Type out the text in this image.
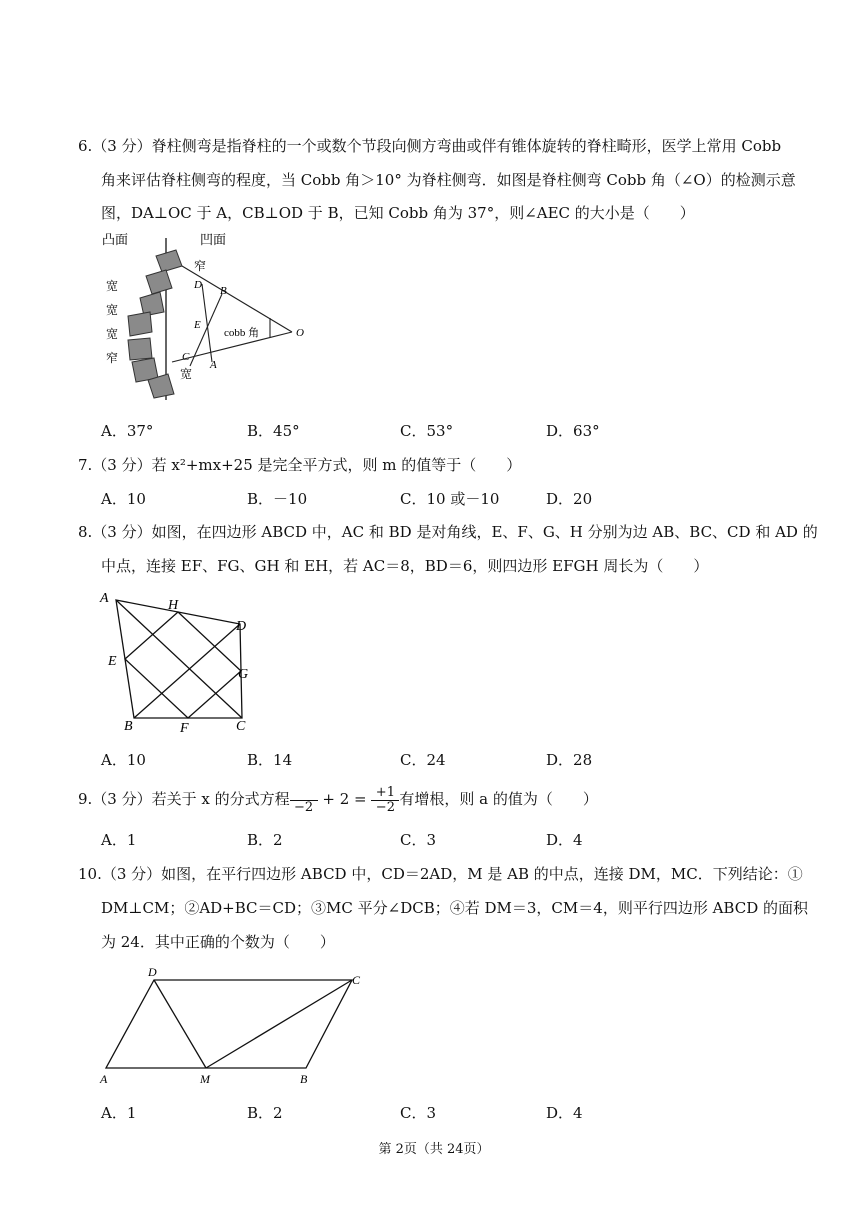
6.（3 分）脊柱侧弯是指脊柱的一个或数个节段向侧方弯曲或伴有锥体旋转的脊柱畸形，医学上常用 Cobb
角来评估脊柱侧弯的程度，当 Cobb 角＞10° 为脊柱侧弯．如图是脊柱侧弯 Cobb 角（∠O）的检测示意
图，DA⊥OC 于 A，CB⊥OD 于 B，已知 Cobb 角为 37°，则∠AEC 的大小是（　　）
凸面	凹面
宽
宽
宽
窄
窄
宽
D B
E
C
A
O
cobb 角
A．37°	B．45°	C．53°	D．63°
7.（3 分）若 x²+mx+25 是完全平方式，则 m 的值等于（　　）
A．10	B．－10	C．10 或－10	D．20
8.（3 分）如图，在四边形 ABCD 中，AC 和 BD 是对角线，E、F、G、H 分别为边 AB、BC、CD 和 AD 的
中点，连接 EF、FG、GH 和 EH，若 AC＝8，BD＝6，则四边形 EFGH 周长为（　　）
A	H
D
E
G
B	F	C
A．10	B．14	C．24	D．28
9.（3 分）若关于 x 的分式方程
$-2 + 2 = \frac{+1}{-2}$ 有增根，则 a 的值为（　　）
A．1	B．2	C．3	D．4
10.（3 分）如图，在平行四边形 ABCD 中，CD＝2AD，M 是 AB 的中点，连接 DM，MC．下列结论：①
DM⊥CM；②AD+BC＝CD；③MC 平分∠DCB；④若 DM＝3，CM＝4，则平行四边形 ABCD 的面积
为 24．其中正确的个数为（　　）
D
C
A	M	B
A．1	B．2	C．3	D．4
第 2页（共 24页）
